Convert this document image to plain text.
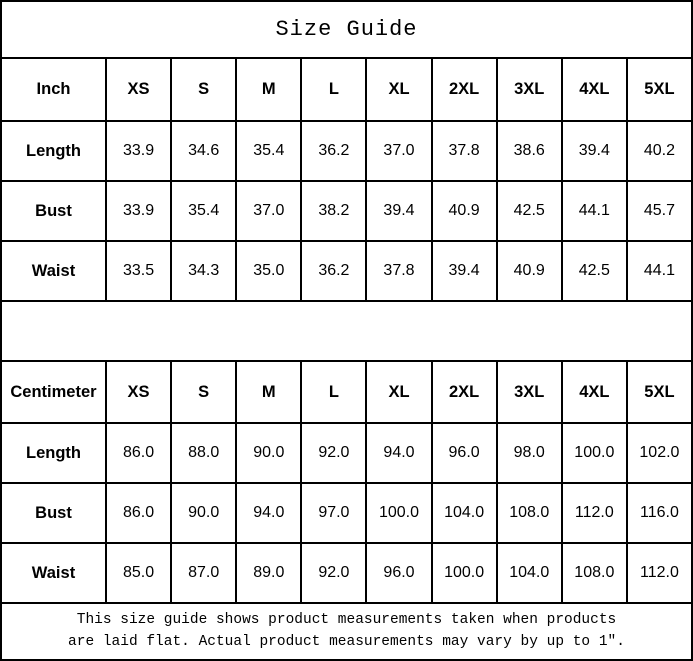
Size Guide
Inch	XS	S	M	L	XL	2XL	3XL	4XL	5XL
Length	33.9	34.6	35.4	36.2	37.0	37.8	38.6	39.4	40.2
Bust	33.9	35.4	37.0	38.2	39.4	40.9	42.5	44.1	45.7
Waist	33.5	34.3	35.0	36.2	37.8	39.4	40.9	42.5	44.1
Centimeter	XS	S	M	L	XL	2XL	3XL	4XL	5XL
Length	86.0	88.0	90.0	92.0	94.0	96.0	98.0	100.0	102.0
Bust	86.0	90.0	94.0	97.0	100.0	104.0	108.0	112.0	116.0
Waist	85.0	87.0	89.0	92.0	96.0	100.0	104.0	108.0	112.0
This size guide shows product measurements taken when products
are laid flat. Actual product measurements may vary by up to 1″.
